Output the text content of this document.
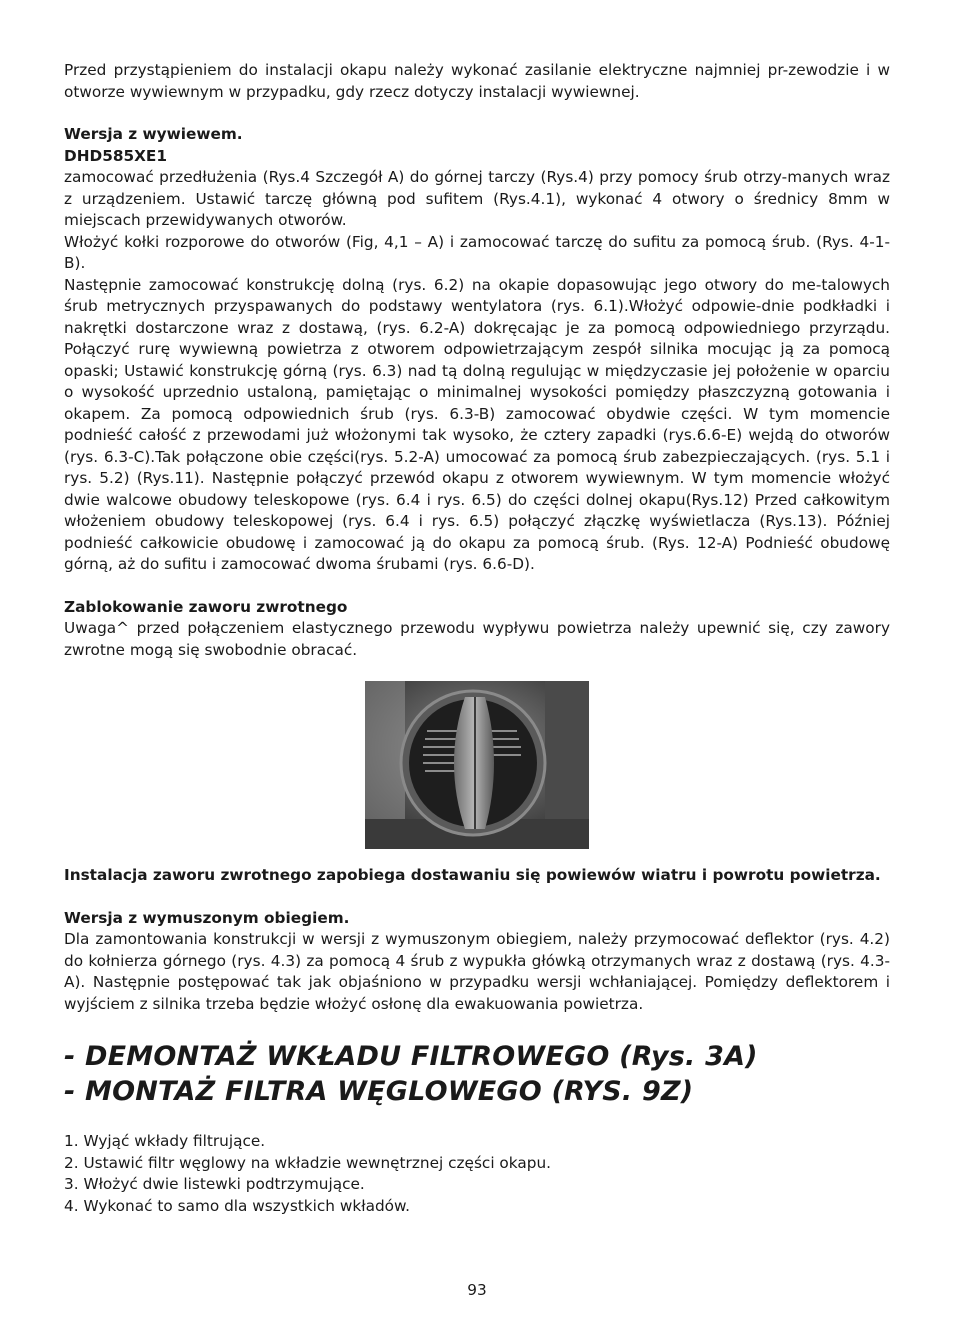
Przed przystąpieniem do instalacji okapu należy wykonać zasilanie elektryczne najmniej pr-zewodzie i w otworze wywiewnym w przypadku, gdy rzecz dotyczy instalacji wywiewnej.

Wersja z wywiewem.

DHD585XE1

zamocować przedłużenia (Rys.4 Szczegół A) do górnej tarczy (Rys.4) przy pomocy śrub otrzy-manych wraz z urządzeniem. Ustawić tarczę główną pod sufitem (Rys.4.1), wykonać 4 otwory o średnicy 8mm w miejscach przewidywanych otworów.

Włożyć kołki rozporowe do otworów (Fig, 4,1 – A) i zamocować tarczę do sufitu za pomocą śrub. (Rys. 4-1-B).

Następnie zamocować konstrukcję dolną (rys. 6.2) na okapie dopasowując jego otwory do me-talowych śrub metrycznych przyspawanych do podstawy wentylatora (rys. 6.1).Włożyć odpowie-dnie podkładki i nakrętki dostarczone wraz z dostawą, (rys. 6.2-A) dokręcając je za pomocą odpowiedniego przyrządu. Połączyć rurę wywiewną powietrza z otworem odpowietrzającym zespół silnika mocując ją za pomocą opaski; Ustawić konstrukcję górną (rys. 6.3) nad tą dolną regulując w międzyczasie jej położenie w oparciu o wysokość uprzednio ustaloną, pamiętając o minimalnej wysokości pomiędzy płaszczyzną gotowania i okapem. Za pomocą odpowiednich śrub (rys. 6.3-B) zamocować obydwie części. W tym momencie podnieść całość z przewodami już włożonymi tak wysoko, że cztery zapadki (rys.6.6-E) wejdą do otworów (rys. 6.3-C).Tak połączone obie części(rys. 5.2-A) umocować za pomocą śrub zabezpieczających. (rys. 5.1 i rys. 5.2) (Rys.11). Następnie połączyć przewód okapu z otworem wywiewnym. W tym momencie włożyć dwie walcowe obudowy teleskopowe (rys. 6.4 i rys. 6.5) do części dolnej okapu(Rys.12) Przed całkowitym włożeniem obudowy teleskopowej (rys. 6.4 i rys. 6.5) połączyć złączkę wyświetlacza (Rys.13). Później podnieść całkowicie obudowę i zamocować ją do okapu za pomocą śrub. (Rys. 12-A) Podnieść obudowę górną, aż do sufitu i zamocować dwoma śrubami (rys. 6.6-D).

Zablokowanie zaworu zwrotnego

Uwaga^ przed połączeniem elastycznego przewodu wypływu powietrza należy upewnić się, czy zawory zwrotne mogą się swobodnie obracać.

Instalacja zaworu zwrotnego zapobiega dostawaniu się powiewów wiatru i powrotu powietrza.

Wersja z wymuszonym obiegiem.

Dla zamontowania konstrukcji w wersji z wymuszonym obiegiem, należy przymocować deflektor (rys. 4.2) do kołnierza górnego (rys. 4.3) za pomocą 4 śrub z wypukła główką otrzymanych wraz z dostawą (rys. 4.3-A). Następnie postępować tak jak objaśniono w przypadku wersji wchłaniającej. Pomiędzy deflektorem i wyjściem z silnika trzeba będzie włożyć osłonę dla ewakuowania powietrza.

- DEMONTAŻ WKŁADU FILTROWEGO (Rys. 3A)
- MONTAŻ FILTRA WĘGLOWEGO (RYS. 9Z)
1. Wyjąć wkłady filtrujące.
2. Ustawić filtr węglowy na wkładzie wewnętrznej części okapu.
3. Włożyć dwie listewki podtrzymujące.
4. Wykonać to samo dla wszystkich wkładów.
93
